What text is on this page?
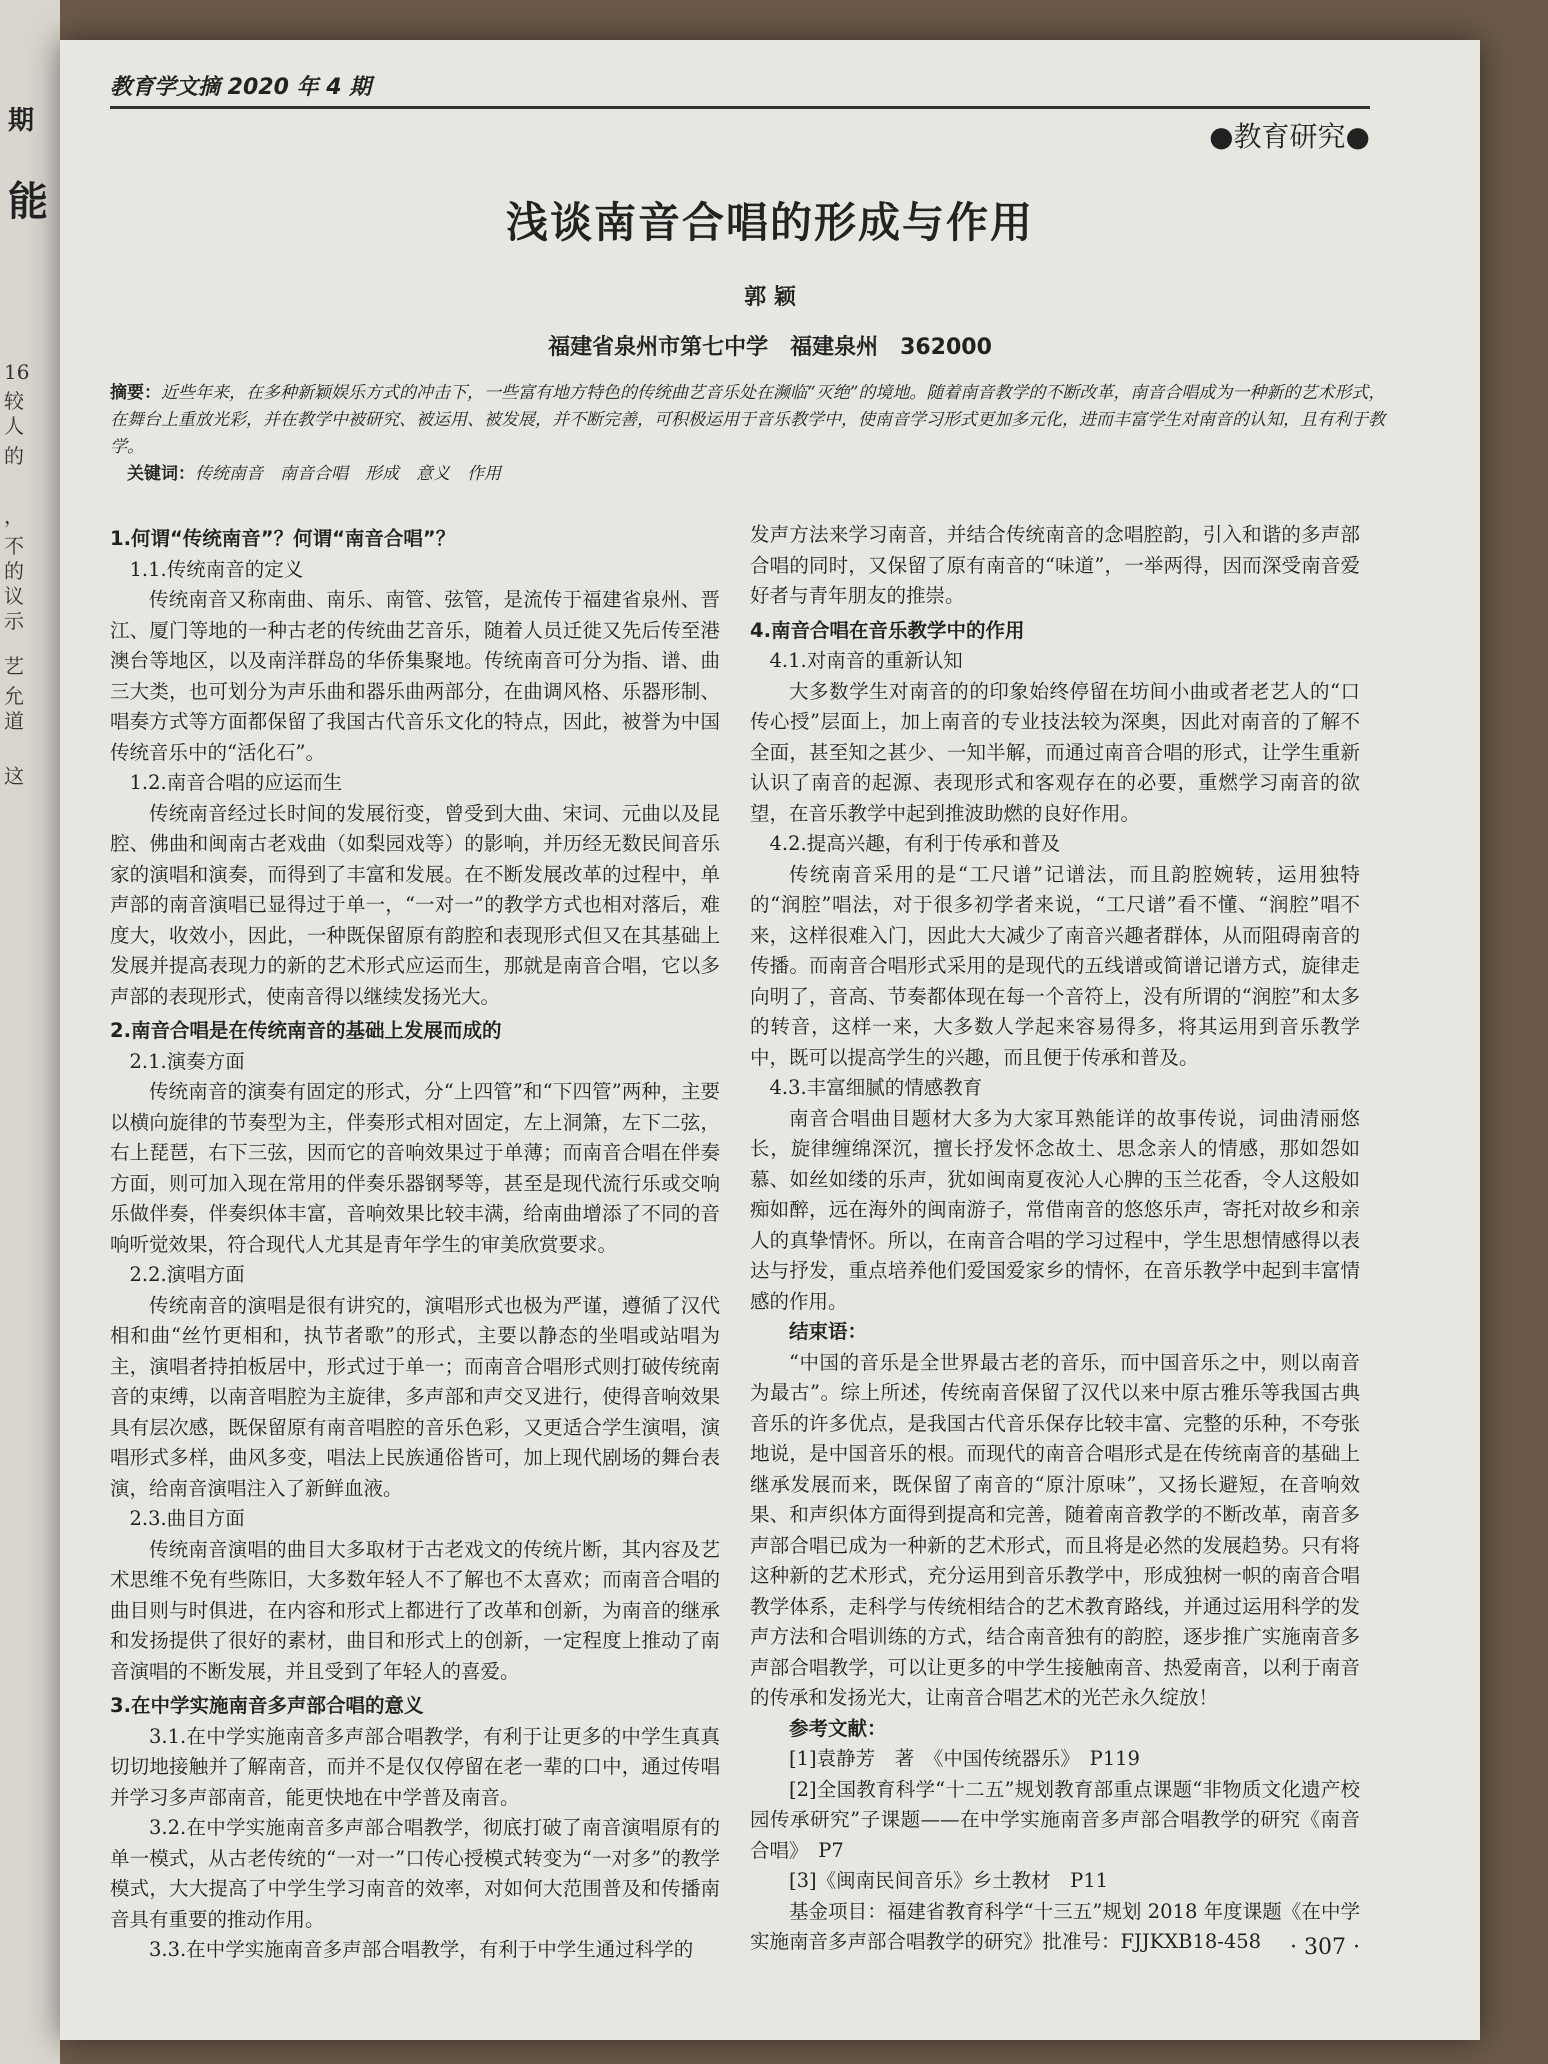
期
能
16
较
人
的
，
不
的
议
示
艺
允
道
这
教育学文摘 2020 年 4 期
●教育研究●
浅谈南音合唱的形成与作用
郭 颖
福建省泉州市第七中学　福建泉州　362000
摘要：近些年来，在多种新颖娱乐方式的冲击下，一些富有地方特色的传统曲艺音乐处在濒临“灭绝”的境地。随着南音教学的不断改革，南音合唱成为一种新的艺术形式，在舞台上重放光彩，并在教学中被研究、被运用、被发展，并不断完善，可积极运用于音乐教学中，使南音学习形式更加多元化，进而丰富学生对南音的认知，且有利于教学。
关键词：传统南音　南音合唱　形成　意义　作用
1.何谓“传统南音”？何谓“南音合唱”？
1.1.传统南音的定义

传统南音又称南曲、南乐、南管、弦管，是流传于福建省泉州、晋江、厦门等地的一种古老的传统曲艺音乐，随着人员迁徙又先后传至港澳台等地区，以及南洋群岛的华侨集聚地。传统南音可分为指、谱、曲三大类，也可划分为声乐曲和器乐曲两部分，在曲调风格、乐器形制、唱奏方式等方面都保留了我国古代音乐文化的特点，因此，被誉为中国传统音乐中的“活化石”。

1.2.南音合唱的应运而生

传统南音经过长时间的发展衍变，曾受到大曲、宋词、元曲以及昆腔、佛曲和闽南古老戏曲（如梨园戏等）的影响，并历经无数民间音乐家的演唱和演奏，而得到了丰富和发展。在不断发展改革的过程中，单声部的南音演唱已显得过于单一，“一对一”的教学方式也相对落后，难度大，收效小，因此，一种既保留原有韵腔和表现形式但又在其基础上发展并提高表现力的新的艺术形式应运而生，那就是南音合唱，它以多声部的表现形式，使南音得以继续发扬光大。

2.南音合唱是在传统南音的基础上发展而成的
2.1.演奏方面

传统南音的演奏有固定的形式，分“上四管”和“下四管”两种，主要以横向旋律的节奏型为主，伴奏形式相对固定，左上洞箫，左下二弦，右上琵琶，右下三弦，因而它的音响效果过于单薄；而南音合唱在伴奏方面，则可加入现在常用的伴奏乐器钢琴等，甚至是现代流行乐或交响乐做伴奏，伴奏织体丰富，音响效果比较丰满，给南曲增添了不同的音响听觉效果，符合现代人尤其是青年学生的审美欣赏要求。

2.2.演唱方面

传统南音的演唱是很有讲究的，演唱形式也极为严谨，遵循了汉代相和曲“丝竹更相和，执节者歌”的形式，主要以静态的坐唱或站唱为主，演唱者持拍板居中，形式过于单一；而南音合唱形式则打破传统南音的束缚，以南音唱腔为主旋律，多声部和声交叉进行，使得音响效果具有层次感，既保留原有南音唱腔的音乐色彩，又更适合学生演唱，演唱形式多样，曲风多变，唱法上民族通俗皆可，加上现代剧场的舞台表演，给南音演唱注入了新鲜血液。

2.3.曲目方面

传统南音演唱的曲目大多取材于古老戏文的传统片断，其内容及艺术思维不免有些陈旧，大多数年轻人不了解也不太喜欢；而南音合唱的曲目则与时俱进，在内容和形式上都进行了改革和创新，为南音的继承和发扬提供了很好的素材，曲目和形式上的创新，一定程度上推动了南音演唱的不断发展，并且受到了年轻人的喜爱。

3.在中学实施南音多声部合唱的意义

3.1.在中学实施南音多声部合唱教学，有利于让更多的中学生真真切切地接触并了解南音，而并不是仅仅停留在老一辈的口中，通过传唱并学习多声部南音，能更快地在中学普及南音。

3.2.在中学实施南音多声部合唱教学，彻底打破了南音演唱原有的单一模式，从古老传统的“一对一”口传心授模式转变为“一对多”的教学模式，大大提高了中学生学习南音的效率，对如何大范围普及和传播南音具有重要的推动作用。

3.3.在中学实施南音多声部合唱教学，有利于中学生通过科学的

发声方法来学习南音，并结合传统南音的念唱腔韵，引入和谐的多声部合唱的同时，又保留了原有南音的“味道”，一举两得，因而深受南音爱好者与青年朋友的推崇。

4.南音合唱在音乐教学中的作用
4.1.对南音的重新认知

大多数学生对南音的的印象始终停留在坊间小曲或者老艺人的“口传心授”层面上，加上南音的专业技法较为深奥，因此对南音的了解不全面，甚至知之甚少、一知半解，而通过南音合唱的形式，让学生重新认识了南音的起源、表现形式和客观存在的必要，重燃学习南音的欲望，在音乐教学中起到推波助燃的良好作用。

4.2.提高兴趣，有利于传承和普及

传统南音采用的是“工尺谱”记谱法，而且韵腔婉转，运用独特的“润腔”唱法，对于很多初学者来说，“工尺谱”看不懂、“润腔”唱不来，这样很难入门，因此大大减少了南音兴趣者群体，从而阻碍南音的传播。而南音合唱形式采用的是现代的五线谱或简谱记谱方式，旋律走向明了，音高、节奏都体现在每一个音符上，没有所谓的“润腔”和太多的转音，这样一来，大多数人学起来容易得多，将其运用到音乐教学中，既可以提高学生的兴趣，而且便于传承和普及。

4.3.丰富细腻的情感教育

南音合唱曲目题材大多为大家耳熟能详的故事传说，词曲清丽悠长，旋律缠绵深沉，擅长抒发怀念故土、思念亲人的情感，那如怨如慕、如丝如缕的乐声，犹如闽南夏夜沁人心脾的玉兰花香，令人这般如痴如醉，远在海外的闽南游子，常借南音的悠悠乐声，寄托对故乡和亲人的真挚情怀。所以，在南音合唱的学习过程中，学生思想情感得以表达与抒发，重点培养他们爱国爱家乡的情怀，在音乐教学中起到丰富情感的作用。

结束语：

“中国的音乐是全世界最古老的音乐，而中国音乐之中，则以南音为最古”。综上所述，传统南音保留了汉代以来中原古雅乐等我国古典音乐的许多优点，是我国古代音乐保存比较丰富、完整的乐种，不夸张地说，是中国音乐的根。而现代的南音合唱形式是在传统南音的基础上继承发展而来，既保留了南音的“原汁原味”，又扬长避短，在音响效果、和声织体方面得到提高和完善，随着南音教学的不断改革，南音多声部合唱已成为一种新的艺术形式，而且将是必然的发展趋势。只有将这种新的艺术形式，充分运用到音乐教学中，形成独树一帜的南音合唱教学体系，走科学与传统相结合的艺术教育路线，并通过运用科学的发声方法和合唱训练的方式，结合南音独有的韵腔，逐步推广实施南音多声部合唱教学，可以让更多的中学生接触南音、热爱南音，以利于南音的传承和发扬光大，让南音合唱艺术的光芒永久绽放！

参考文献：

[1]袁静芳　著　《中国传统器乐》　P119

[2]全国教育科学“十二五”规划教育部重点课题“非物质文化遗产校园传承研究”子课题——在中学实施南音多声部合唱教学的研究《南音合唱》　P7

[3]《闽南民间音乐》乡土教材　P11

基金项目：福建省教育科学“十三五”规划 2018 年度课题《在中学实施南音多声部合唱教学的研究》批准号：FJJKXB18-458	· 307 ·
